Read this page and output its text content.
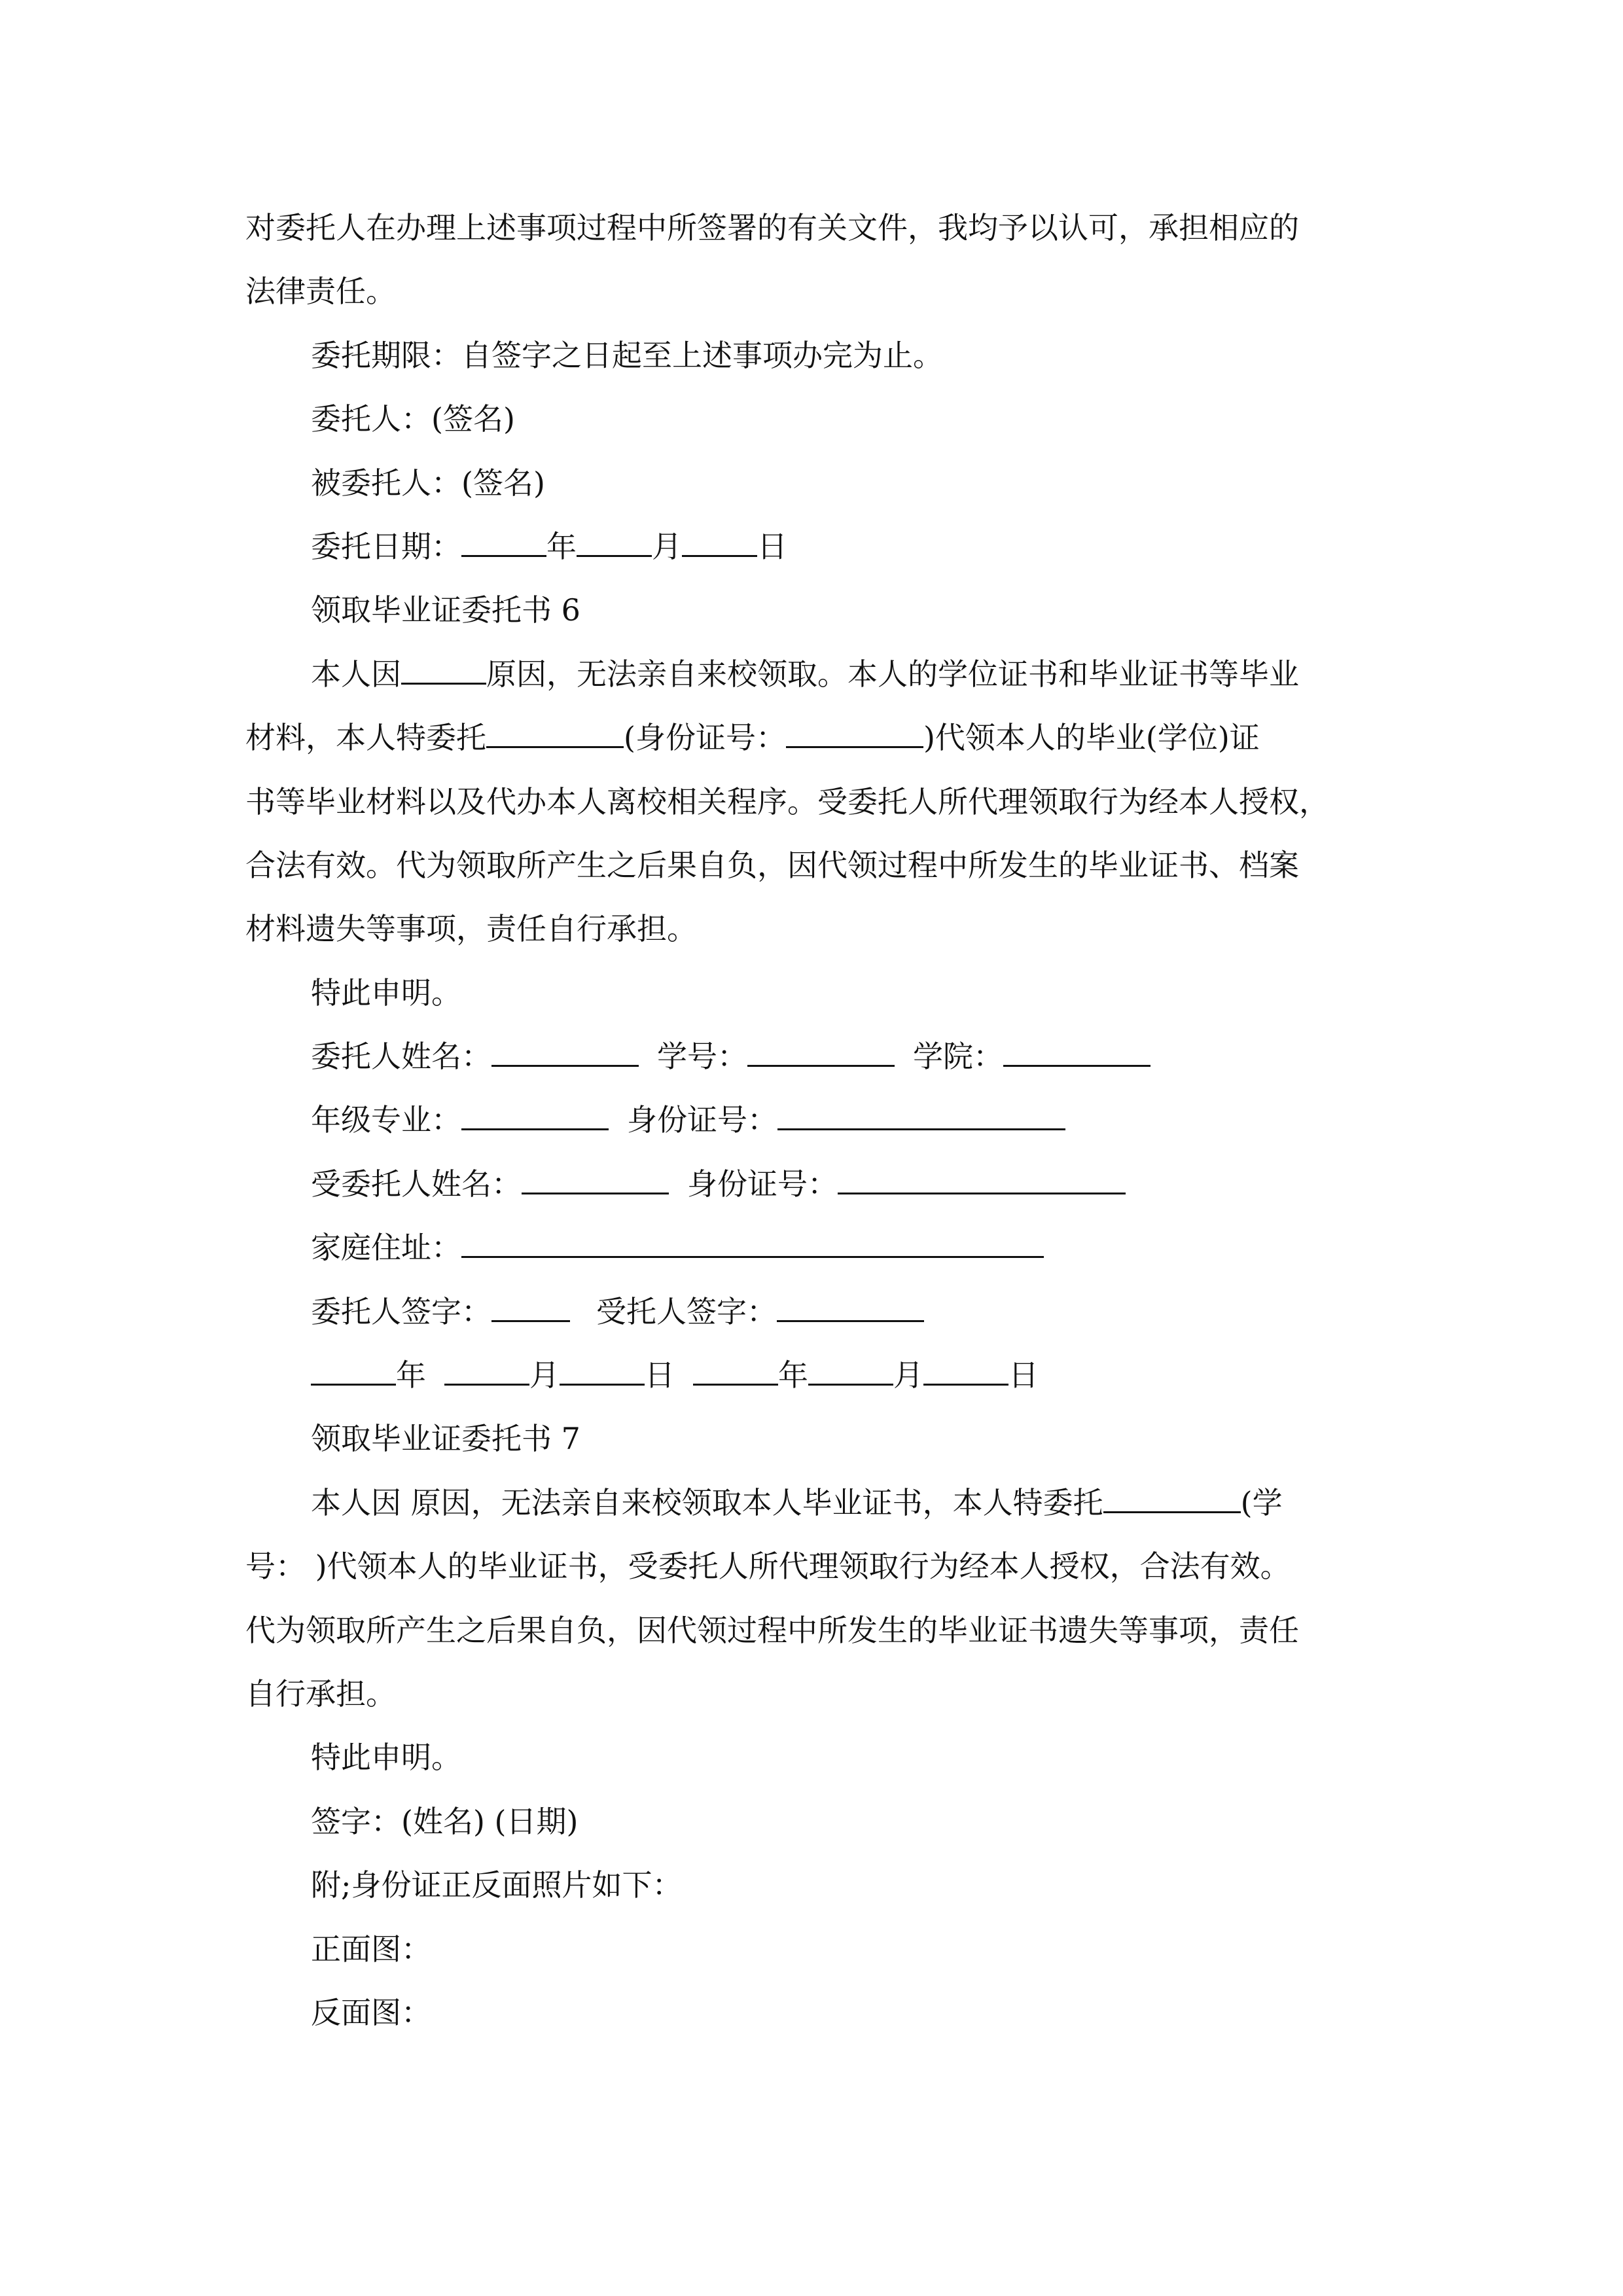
对委托人在办理上述事项过程中所签署的有关文件，我均予以认可，承担相应的
法律责任。
委托期限：自签字之日起至上述事项办完为止。
委托人：(签名)
被委托人：(签名)
委托日期：	年	月	日
领取毕业证委托书 6
本人因	原因，无法亲自来校领取。本人的学位证书和毕业证书等毕业
材料，本人特委托	(身份证号：	)代领本人的毕业(学位)证
书等毕业材料以及代办本人离校相关程序。受委托人所代理领取行为经本人授权，
合法有效。代为领取所产生之后果自负，因代领过程中所发生的毕业证书、档案
材料遗失等事项，责任自行承担。
特此申明。
委托人姓名：	学号：	学院：
年级专业：	身份证号：
受委托人姓名：	身份证号：
家庭住址：
委托人签字：	受托人签字：
年	月	日	年	月	日
领取毕业证委托书 7
本人因 原因，无法亲自来校领取本人毕业证书，本人特委托	(学
号： )代领本人的毕业证书，受委托人所代理领取行为经本人授权，合法有效。
代为领取所产生之后果自负，因代领过程中所发生的毕业证书遗失等事项，责任
自行承担。
特此申明。
签字：(姓名) (日期)
附;身份证正反面照片如下：
正面图：
反面图：
